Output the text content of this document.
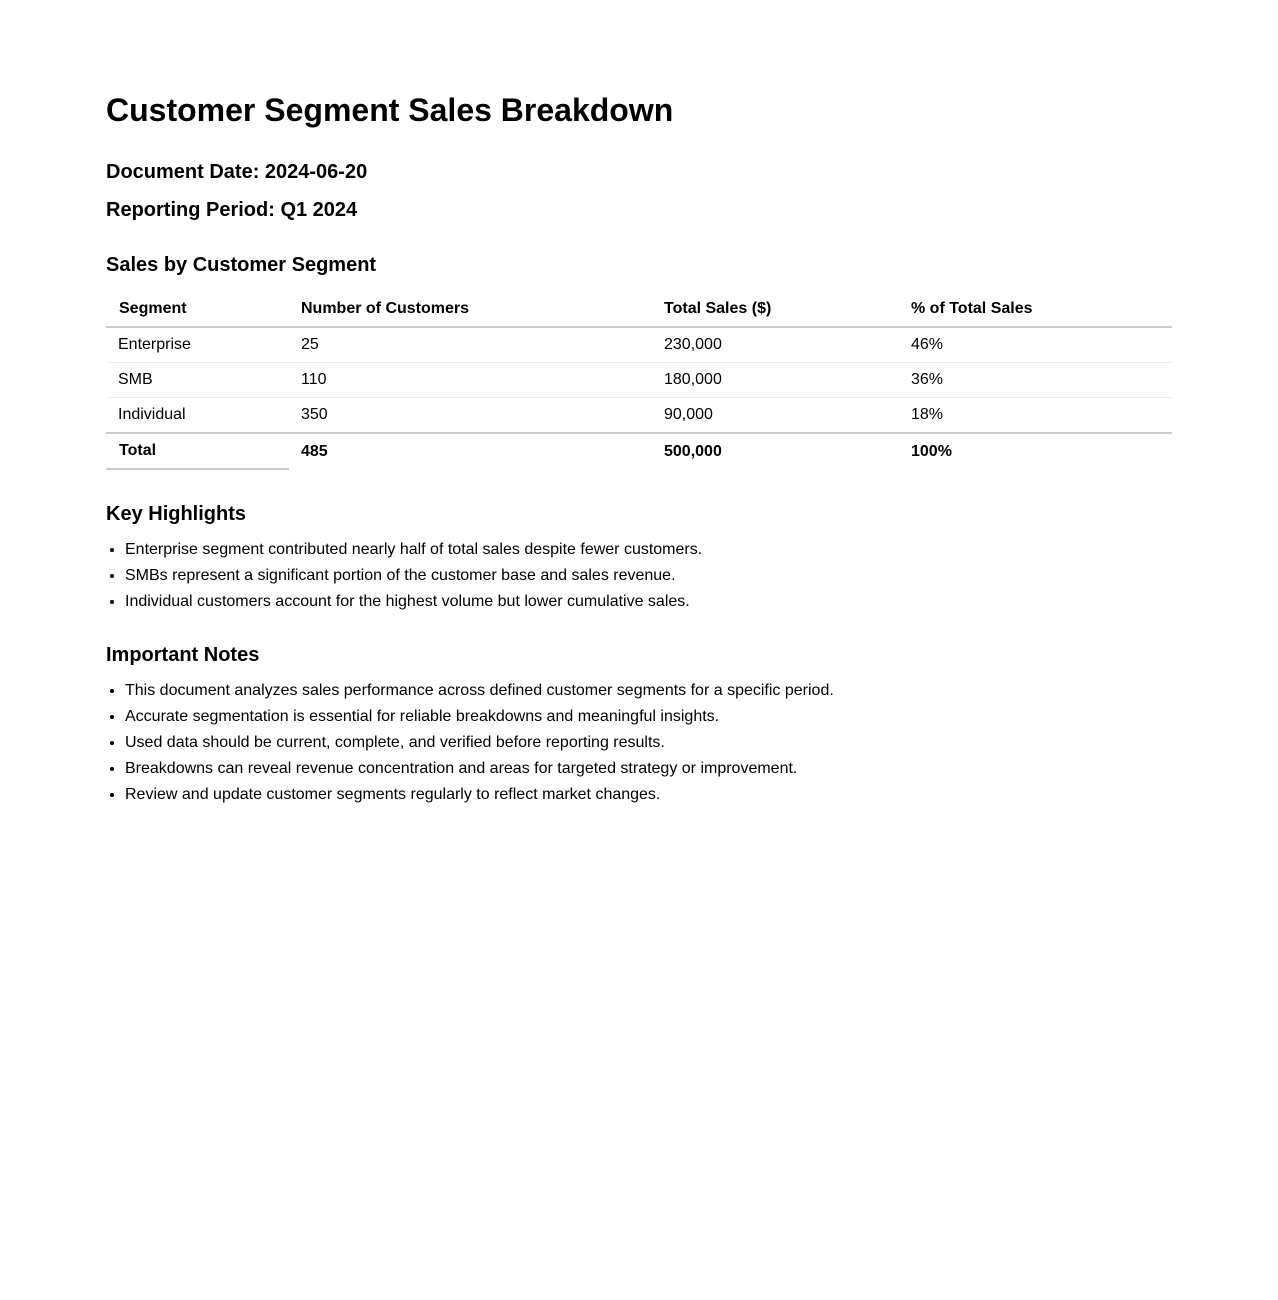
Customer Segment Sales Breakdown
Document Date: 2024-06-20
Reporting Period: Q1 2024
Sales by Customer Segment
Segment	Number of Customers	Total Sales ($)	% of Total Sales
Enterprise	25	230,000	46%
SMB	110	180,000	36%
Individual	350	90,000	18%
Total	485	500,000	100%
Key Highlights
• Enterprise segment contributed nearly half of total sales despite fewer customers.
• SMBs represent a significant portion of the customer base and sales revenue.
• Individual customers account for the highest volume but lower cumulative sales.
Important Notes
• This document analyzes sales performance across defined customer segments for a specific period.
• Accurate segmentation is essential for reliable breakdowns and meaningful insights.
• Used data should be current, complete, and verified before reporting results.
• Breakdowns can reveal revenue concentration and areas for targeted strategy or improvement.
• Review and update customer segments regularly to reflect market changes.
